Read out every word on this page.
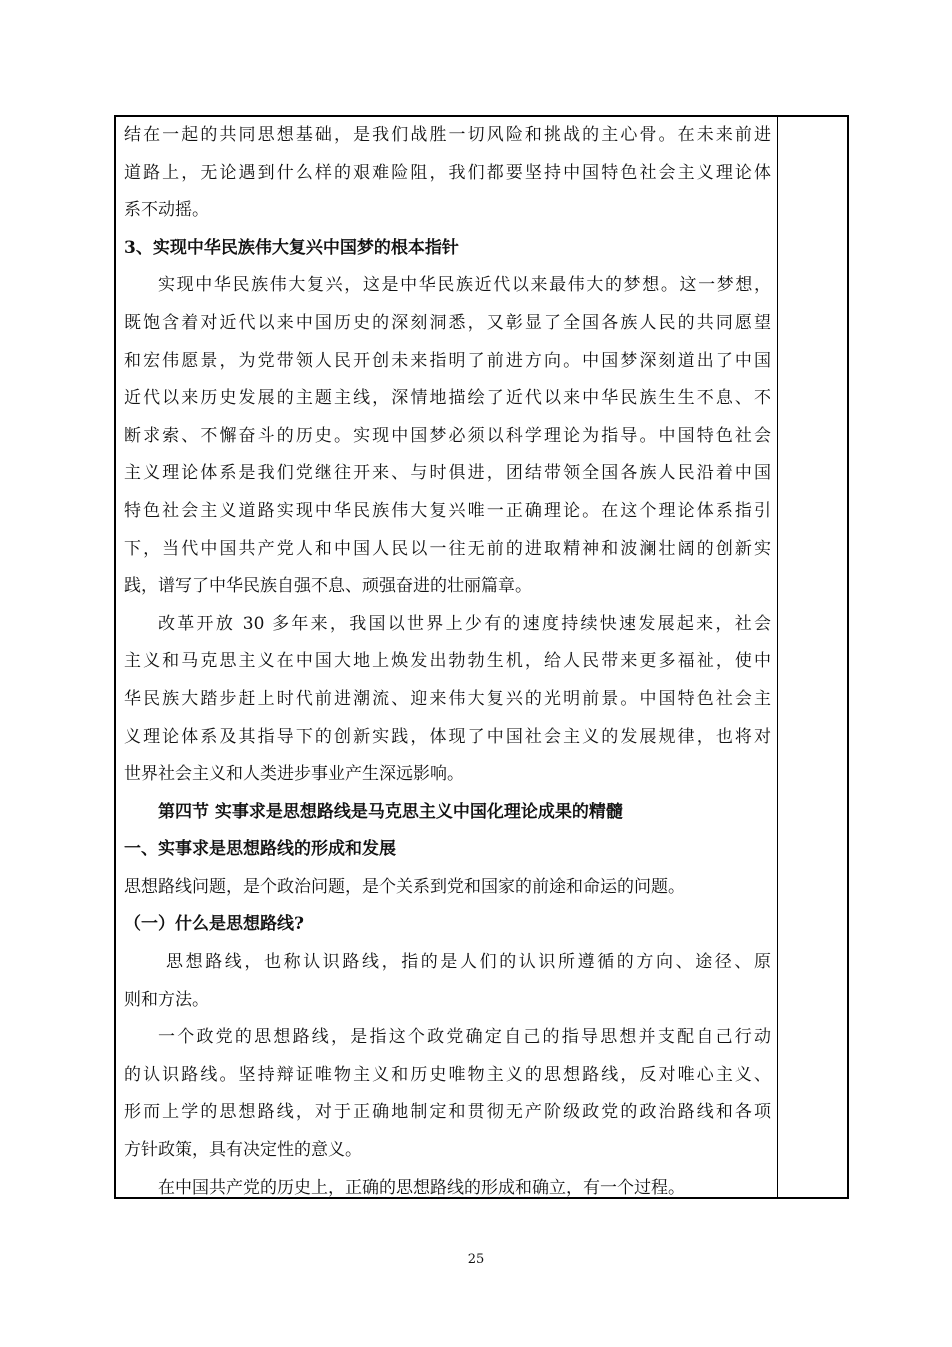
结在一起的共同思想基础，是我们战胜一切风险和挑战的主心骨。在未来前进
道路上，无论遇到什么样的艰难险阻，我们都要坚持中国特色社会主义理论体
系不动摇。
3、实现中华民族伟大复兴中国梦的根本指针
实现中华民族伟大复兴，这是中华民族近代以来最伟大的梦想。这一梦想，
既饱含着对近代以来中国历史的深刻洞悉，又彰显了全国各族人民的共同愿望
和宏伟愿景，为党带领人民开创未来指明了前进方向。中国梦深刻道出了中国
近代以来历史发展的主题主线，深情地描绘了近代以来中华民族生生不息、不
断求索、不懈奋斗的历史。实现中国梦必须以科学理论为指导。中国特色社会
主义理论体系是我们党继往开来、与时俱进，团结带领全国各族人民沿着中国
特色社会主义道路实现中华民族伟大复兴唯一正确理论。在这个理论体系指引
下，当代中国共产党人和中国人民以一往无前的进取精神和波澜壮阔的创新实
践，谱写了中华民族自强不息、顽强奋进的壮丽篇章。
改革开放 30 多年来，我国以世界上少有的速度持续快速发展起来，社会
主义和马克思主义在中国大地上焕发出勃勃生机，给人民带来更多福祉，使中
华民族大踏步赶上时代前进潮流、迎来伟大复兴的光明前景。中国特色社会主
义理论体系及其指导下的创新实践，体现了中国社会主义的发展规律，也将对
世界社会主义和人类进步事业产生深远影响。
第四节 实事求是思想路线是马克思主义中国化理论成果的精髓
一、实事求是思想路线的形成和发展
思想路线问题，是个政治问题，是个关系到党和国家的前途和命运的问题。
（一）什么是思想路线?
思想路线，也称认识路线，指的是人们的认识所遵循的方向、途径、原
则和方法。
一个政党的思想路线，是指这个政党确定自己的指导思想并支配自己行动
的认识路线。坚持辩证唯物主义和历史唯物主义的思想路线，反对唯心主义、
形而上学的思想路线，对于正确地制定和贯彻无产阶级政党的政治路线和各项
方针政策，具有决定性的意义。
在中国共产党的历史上，正确的思想路线的形成和确立，有一个过程。
25
